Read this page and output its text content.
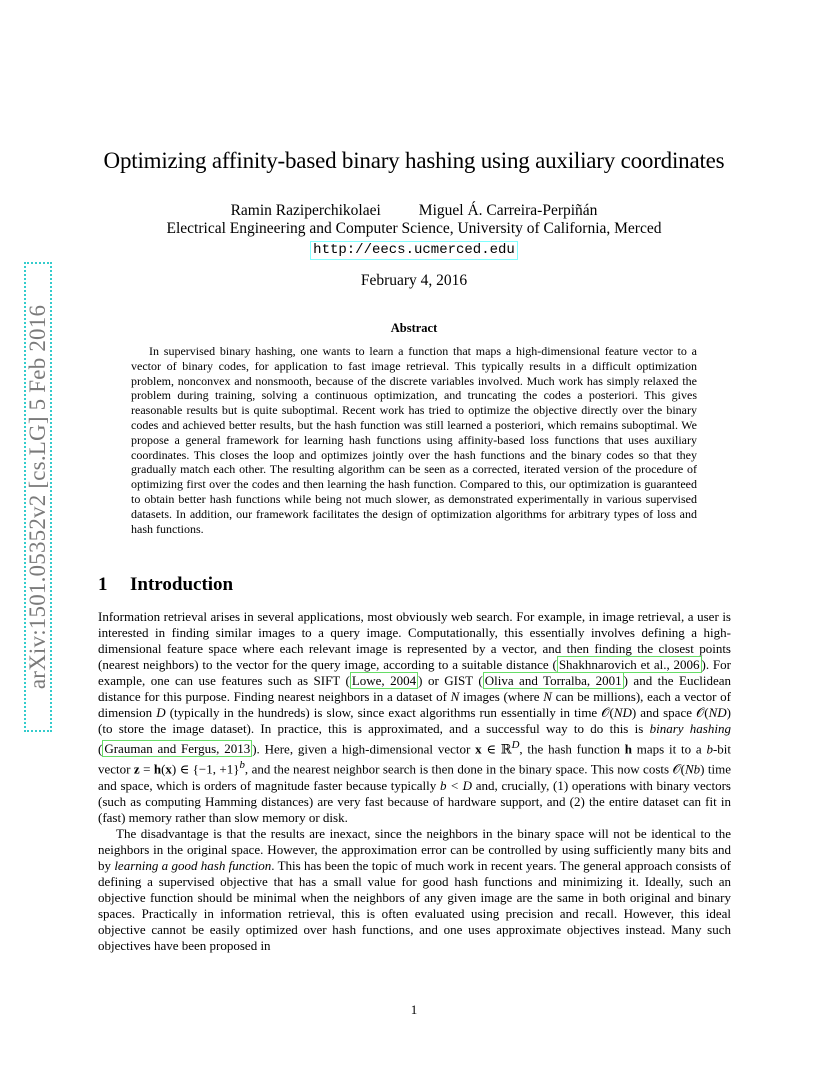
arXiv:1501.05352v2 [cs.LG] 5 Feb 2016
Optimizing affinity-based binary hashing using auxiliary coordinates
Ramin Raziperchikolaei Miguel Á. Carreira-Perpiñán
Electrical Engineering and Computer Science, University of California, Merced
http://eecs.ucmerced.edu
February 4, 2016
Abstract

In supervised binary hashing, one wants to learn a function that maps a high-dimensional feature vector to a vector of binary codes, for application to fast image retrieval. This typically results in a difficult optimization problem, nonconvex and nonsmooth, because of the discrete variables involved. Much work has simply relaxed the problem during training, solving a continuous optimization, and truncating the codes a posteriori. This gives reasonable results but is quite suboptimal. Recent work has tried to optimize the objective directly over the binary codes and achieved better results, but the hash function was still learned a posteriori, which remains suboptimal. We propose a general framework for learning hash functions using affinity-based loss functions that uses auxiliary coordinates. This closes the loop and optimizes jointly over the hash functions and the binary codes so that they gradually match each other. The resulting algorithm can be seen as a corrected, iterated version of the procedure of optimizing first over the codes and then learning the hash function. Compared to this, our optimization is guaranteed to obtain better hash functions while being not much slower, as demonstrated experimentally in various supervised datasets. In addition, our framework facilitates the design of optimization algorithms for arbitrary types of loss and hash functions.

1 Introduction

Information retrieval arises in several applications, most obviously web search. For example, in image retrieval, a user is interested in finding similar images to a query image. Computationally, this essentially involves defining a high-dimensional feature space where each relevant image is represented by a vector, and then finding the closest points (nearest neighbors) to the vector for the query image, according to a suitable distance ( Shakhnarovich et al., 2006 ). For example, one can use features such as SIFT ( Lowe, 2004 ) or GIST ( Oliva and Torralba, 2001 ) and the Euclidean distance for this purpose. Finding nearest neighbors in a dataset of N images (where N can be millions), each a vector of dimension D (typically in the hundreds) is slow, since exact algorithms run essentially in time 𝒪(ND) and space 𝒪(ND) (to store the image dataset). In practice, this is approximated, and a successful way to do this is binary hashing ( Grauman and Fergus, 2013 ). Here, given a high-dimensional vector x ∈ ℝ$^D$, the hash function h maps it to a b-bit vector z = h(x) ∈ {−1, +1}$^b$, and the nearest neighbor search is then done in the binary space. This now costs 𝒪(Nb) time and space, which is orders of magnitude faster because typically b < D and, crucially, (1) operations with binary vectors (such as computing Hamming distances) are very fast because of hardware support, and (2) the entire dataset can fit in (fast) memory rather than slow memory or disk.

The disadvantage is that the results are inexact, since the neighbors in the binary space will not be identical to the neighbors in the original space. However, the approximation error can be controlled by using sufficiently many bits and by learning a good hash function. This has been the topic of much work in recent years. The general approach consists of defining a supervised objective that has a small value for good hash functions and minimizing it. Ideally, such an objective function should be minimal when the neighbors of any given image are the same in both original and binary spaces. Practically in information retrieval, this is often evaluated using precision and recall. However, this ideal objective cannot be easily optimized over hash functions, and one uses approximate objectives instead. Many such objectives have been proposed in

1
